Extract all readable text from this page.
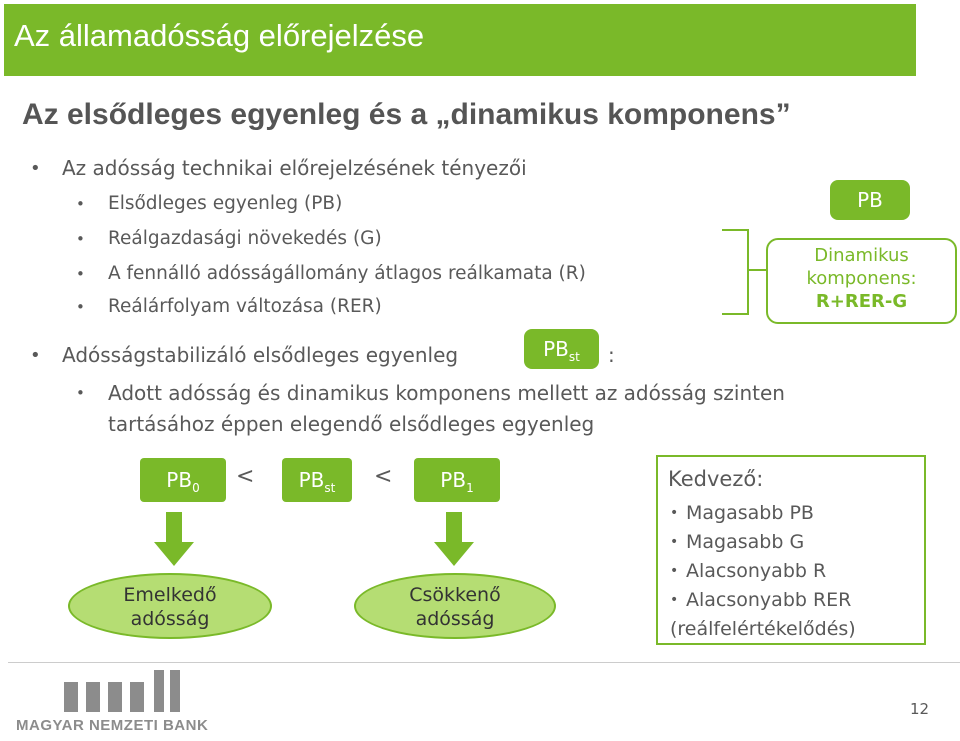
Az államadósság előrejelzése
Az elsődleges egyenleg és a „dinamikus komponens”
• Az adósság technikai előrejelzésének tényezői
• Elsődleges egyenleg (PB)
• Reálgazdasági növekedés (G)
• A fennálló adósságállomány átlagos reálkamata (R)
• Reálárfolyam változása (RER)
PB
Dinamikus
komponens:
R+RER-G
• Adósságstabilizáló elsődleges egyenleg	$PB_{st}$	:
• Adott adósság és dinamikus komponens mellett az adósság szinten
tartásához éppen elegendő elsődleges egyenleg
$PB_0$	<	$PB_{st}$	<	$PB_1$
Emelkedő
adósság
Csökkenő
adósság
Kedvező:
• Magasabb PB
• Magasabb G
• Alacsonyabb R
• Alacsonyabb RER
(reálfelértékelődés)
MAGYAR NEMZETI BANK
12
